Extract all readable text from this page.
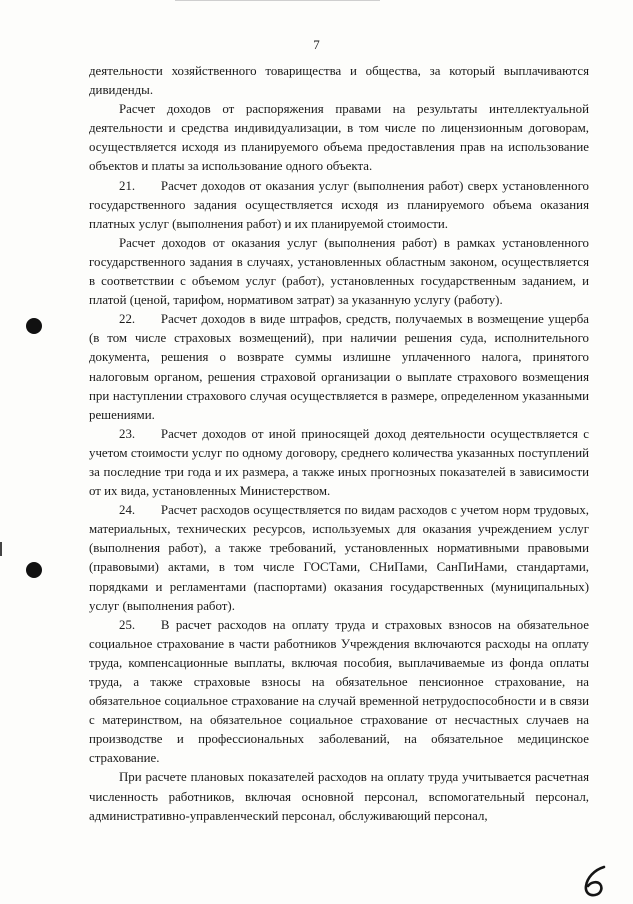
7

деятельности хозяйственного товарищества и общества, за который выплачиваются дивиденды.

Расчет доходов от распоряжения правами на результаты интеллектуальной деятельности и средства индивидуализации, в том числе по лицензионным договорам, осуществляется исходя из планируемого объема предоставления прав на использование объектов и платы за использование одного объекта.

21.  Расчет доходов от оказания услуг (выполнения работ) сверх установленного государственного задания осуществляется исходя из планируемого объема оказания платных услуг (выполнения работ) и их планируемой стоимости.

Расчет доходов от оказания услуг (выполнения работ) в рамках установленного государственного задания в случаях, установленных областным законом, осуществляется в соответствии с объемом услуг (работ), установленных государственным заданием, и платой (ценой, тарифом, нормативом затрат) за указанную услугу (работу).

22.  Расчет доходов в виде штрафов, средств, получаемых в возмещение ущерба (в том числе страховых возмещений), при наличии решения суда, исполнительного документа, решения о возврате суммы излишне уплаченного налога, принятого налоговым органом, решения страховой организации о выплате страхового возмещения при наступлении страхового случая осуществляется в размере, определенном указанными решениями.

23.  Расчет доходов от иной приносящей доход деятельности осуществляется с учетом стоимости услуг по одному договору, среднего количества указанных поступлений за последние три года и их размера, а также иных прогнозных показателей в зависимости от их вида, установленных Министерством.

24.  Расчет расходов осуществляется по видам расходов с учетом норм трудовых, материальных, технических ресурсов, используемых для оказания учреждением услуг (выполнения работ), а также требований, установленных нормативными правовыми (правовыми) актами, в том числе ГОСТами, СНиПами, СанПиНами, стандартами, порядками и регламентами (паспортами) оказания государственных (муниципальных) услуг (выполнения работ).

25.  В расчет расходов на оплату труда и страховых взносов на обязательное социальное страхование в части работников Учреждения включаются расходы на оплату труда, компенсационные выплаты, включая пособия, выплачиваемые из фонда оплаты труда, а также страховые взносы на обязательное пенсионное страхование, на обязательное социальное страхование на случай временной нетрудоспособности и в связи с материнством, на обязательное социальное страхование от несчастных случаев на производстве и профессиональных заболеваний, на обязательное медицинское страхование.

При расчете плановых показателей расходов на оплату труда учитывается расчетная численность работников, включая основной персонал, вспомогательный персонал, административно-управленческий персонал, обслуживающий персонал,
